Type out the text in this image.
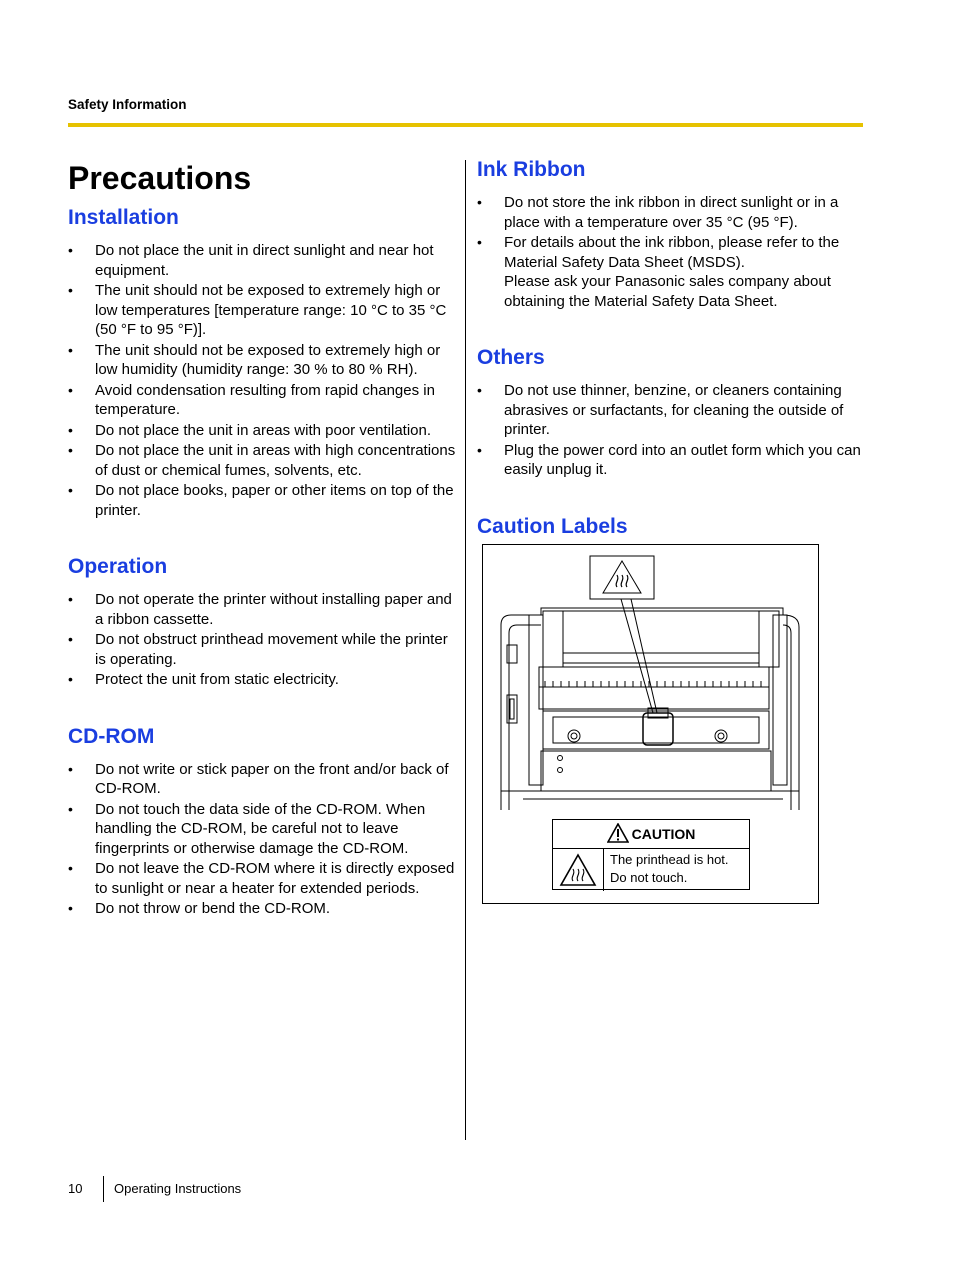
Safety Information
Precautions
Installation
• Do not place the unit in direct sunlight and near hot equipment.
• The unit should not be exposed to extremely high or low temperatures [temperature range: 10 °C to 35 °C (50 °F to 95 °F)].
• The unit should not be exposed to extremely high or low humidity (humidity range: 30 % to 80 % RH).
• Avoid condensation resulting from rapid changes in temperature.
• Do not place the unit in areas with poor ventilation.
• Do not place the unit in areas with high concentrations of dust or chemical fumes, solvents, etc.
• Do not place books, paper or other items on top of the printer.
Operation
• Do not operate the printer without installing paper and a ribbon cassette.
• Do not obstruct printhead movement while the printer is operating.
• Protect the unit from static electricity.
CD-ROM
• Do not write or stick paper on the front and/or back of CD-ROM.
• Do not touch the data side of the CD-ROM. When handling the CD-ROM, be careful not to leave fingerprints or otherwise damage the CD-ROM.
• Do not leave the CD-ROM where it is directly exposed to sunlight or near a heater for extended periods.
• Do not throw or bend the CD-ROM.
Ink Ribbon
• Do not store the ink ribbon in direct sunlight or in a place with a temperature over 35 °C (95 °F).
• For details about the ink ribbon, please refer to the Material Safety Data Sheet (MSDS).
Please ask your Panasonic sales company about obtaining the Material Safety Data Sheet.
Others
• Do not use thinner, benzine, or cleaners containing abrasives or surfactants, for cleaning the outside of printer.
• Plug the power cord into an outlet form which you can easily unplug it.
Caution Labels
CAUTION
The printhead is hot.
Do not touch.
10 Operating Instructions
